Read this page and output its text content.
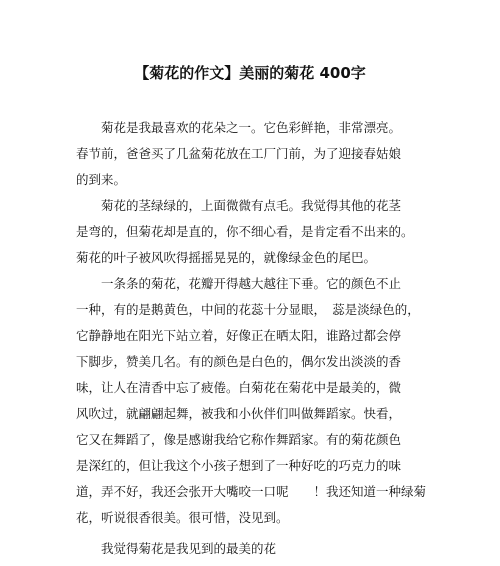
【菊花的作文】美丽的菊花 400字
菊花是我最喜欢的花朵之一。它色彩鲜艳，非常漂亮。
春节前，爸爸买了几盆菊花放在工厂门前，为了迎接春姑娘
的到来。
菊花的茎绿绿的，上面微微有点毛。我觉得其他的花茎
是弯的，但菊花却是直的，你不细心看，是肯定看不出来的。
菊花的叶子被风吹得摇摇晃晃的，就像绿金色的尾巴。
一条条的菊花，花瓣开得越大越往下垂。它的颜色不止
一种，有的是鹅黄色，中间的花蕊十分显眼，　蕊是淡绿色的，
它静静地在阳光下站立着，好像正在晒太阳，谁路过都会停
下脚步，赞美几名。有的颜色是白色的，偶尔发出淡淡的香
味，让人在清香中忘了疲倦。白菊花在菊花中是最美的，微
风吹过，就翩翩起舞，被我和小伙伴们叫做舞蹈家。快看，
它又在舞蹈了，像是感谢我给它称作舞蹈家。有的菊花颜色
是深红的，但让我这个小孩子想到了一种好吃的巧克力的味
道，弄不好，我还会张开大嘴咬一口呢　　！我还知道一种绿菊
花，听说很香很美。很可惜，没见到。
我觉得菊花是我见到的最美的花
